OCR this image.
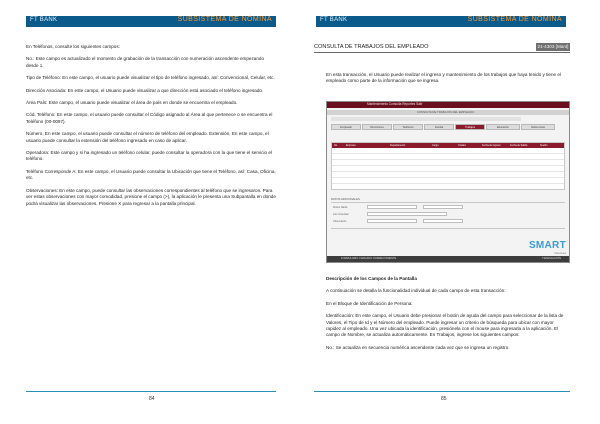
FT BANK	SUBSISTEMA DE NÓMINA

En Teléfonos, consulte los siguientes campos:

No.: Este campo es actualizado el momento de grabación de la transacción con numeración ascendente empezando desde 1.

Tipo de Teléfono: En este campo, el usuario puede visualizar el tipo de teléfono ingresado, así: Convencional, Celular, etc.

Dirección Asociada: En este campo, el Usuario puede visualizar a que dirección está asociado el teléfono ingresado.

Área País: Este campo, el usuario puede visualizar el área de país en donde se encuentra el empleado.

Cód. Teléfono: En este campo, el usuario puede consultar el Código asignado al Área al que pertenece o se encuentra el Teléfono (00-0097).

Número, En este campo, el usuario puede consultar el número de teléfono del empleado. Extensión, En este campo, el usuario puede consultar la extensión del teléfono ingresado en caso de aplicar.

Operadora: Este campo y si ha ingresado un teléfono celular, puede consultar la operadora con la que tiene el servicio el teléfono.

Teléfono Corresponde A: En este campo, el Usuario puede consultar la Ubicación que tiene el Teléfono, así: Casa, Oficina, etc.

Observaciones: En este campo, puede consultar las observaciones correspondientes al teléfono que se ingresaron. Para ver estas observaciones con mayor comodidad, presione el campo (>), la aplicación le presenta una Subpantalla en donde podrá visualizar las observaciones. Presione X para regresar a la pantalla principal.

84
FT BANK	SUBSISTEMA DE NÓMINA
CONSULTA DE TRABAJOS DEL EMPLEADO	21-4303 [Mant]
En esta transacción, el Usuario puede realizar el ingreso y mantenimiento de los trabajos que haya tenido y tiene el empleado como parte de la información que se ingresa.
Mantenimiento Consulta Reportes Salir
CONSULTA DE TRABAJOS DEL EMPLEADO
Empleado	Direcciones	Teléfonos	Familia	Trabajos	Educación	Referencias
No.	Empresa	Departamento	Cargo	Ciudad	Fecha de Ingreso	Fecha de Salida	Sueldo
DATOS ADICIONALES
Motivo Salida
Jefe Inmediato
Observación
SMART
Soluciones
FORMULARIO CARGADO CORRECTAMENTE	TRANSACCIÓN

Descripción de los Campos de la Pantalla

A continuación se detalla la funcionalidad individual de cada campo de esta transacción:

En el Bloque de Identificación de Persona:

Identificación: En este campo, el Usuario debe presionar el botón de ayuda del campo para seleccionar de la lista de Valores, el Tipo de Id y el Número del empleado. Puede ingresar un criterio de búsqueda para ubicar con mayor rapidez al empleado. Una vez ubicada la identificación, presiónela con el mouse para ingresarla a la aplicación. El campo de Nombre, se actualiza automáticamente. En Trabajos, ingrese los siguientes campos:

No.: Se actualiza en secuencia numérica ascendente cada vez que se ingresa un registro.

85
